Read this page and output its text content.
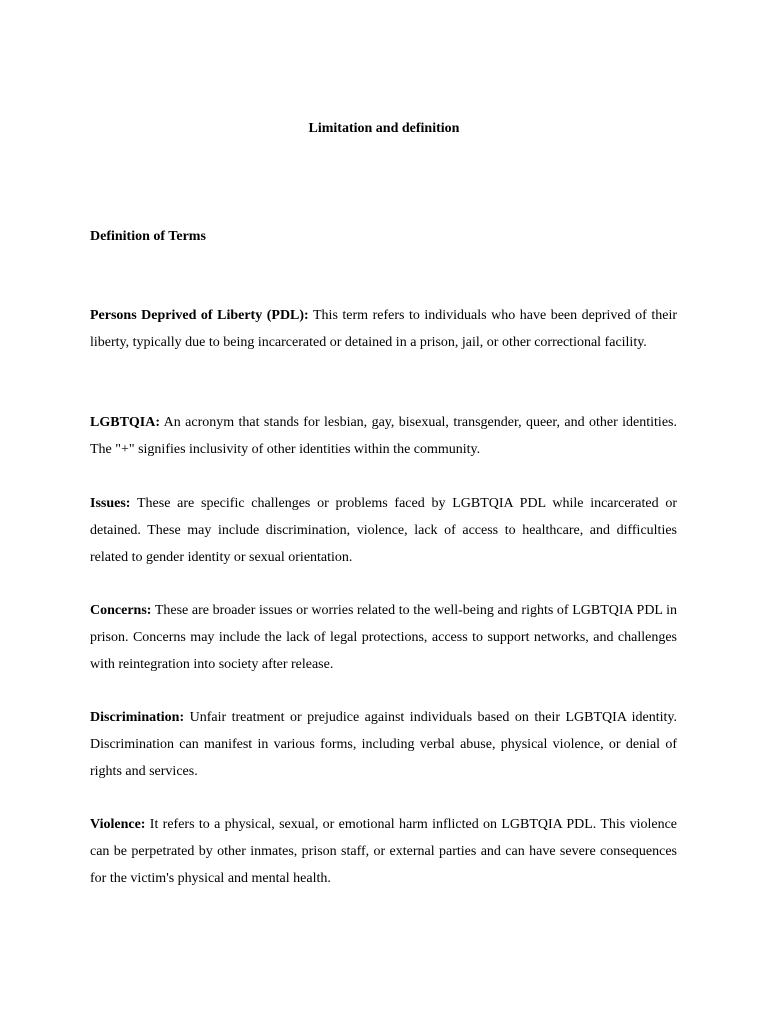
Limitation and definition
Definition of Terms

Persons Deprived of Liberty (PDL): This term refers to individuals who have been deprived of their liberty, typically due to being incarcerated or detained in a prison, jail, or other correctional facility.

LGBTQIA: An acronym that stands for lesbian, gay, bisexual, transgender, queer, and other identities. The "+" signifies inclusivity of other identities within the community.

Issues: These are specific challenges or problems faced by LGBTQIA PDL while incarcerated or detained. These may include discrimination, violence, lack of access to healthcare, and difficulties related to gender identity or sexual orientation.

Concerns: These are broader issues or worries related to the well-being and rights of LGBTQIA PDL in prison. Concerns may include the lack of legal protections, access to support networks, and challenges with reintegration into society after release.

Discrimination: Unfair treatment or prejudice against individuals based on their LGBTQIA identity. Discrimination can manifest in various forms, including verbal abuse, physical violence, or denial of rights and services.

Violence: It refers to a physical, sexual, or emotional harm inflicted on LGBTQIA PDL. This violence can be perpetrated by other inmates, prison staff, or external parties and can have severe consequences for the victim's physical and mental health.
